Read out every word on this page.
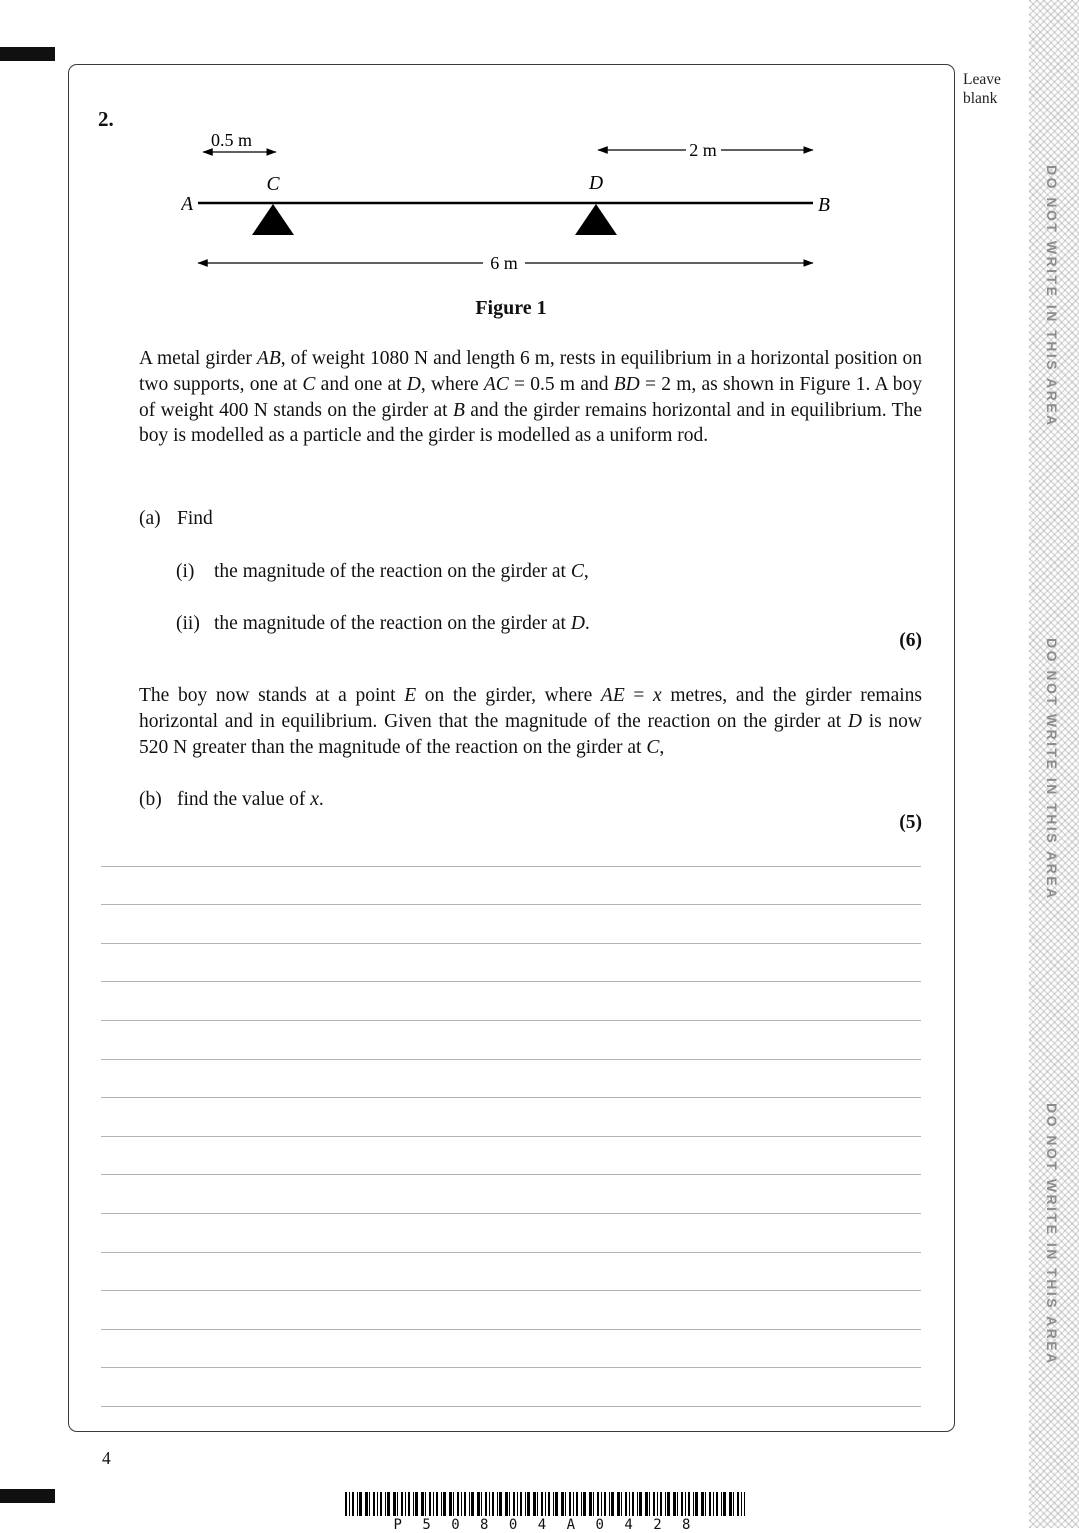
DO NOT WRITE IN THIS AREA
DO NOT WRITE IN THIS AREA
DO NOT WRITE IN THIS AREA
Leave blank
2.
0.5 m	2 m
A	B
C	D
6 m
Figure 1

A metal girder AB, of weight 1080 N and length 6 m, rests in equilibrium in a horizontal position on two supports, one at C and one at D, where AC = 0.5 m and BD = 2 m, as shown in Figure 1. A boy of weight 400 N stands on the girder at B and the girder remains horizontal and in equilibrium. The boy is modelled as a particle and the girder is modelled as a uniform rod.

(a) Find
(i)	the magnitude of the reaction on the girder at C,
(ii) the magnitude of the reaction on the girder at D.
(6)

The boy now stands at a point E on the girder, where AE = x metres, and the girder remains horizontal and in equilibrium. Given that the magnitude of the reaction on the girder at D is now 520 N greater than the magnitude of the reaction on the girder at C,

(b) find the value of x.
(5)
4
P 5 0 8 0 4 A 0 4 2 8
